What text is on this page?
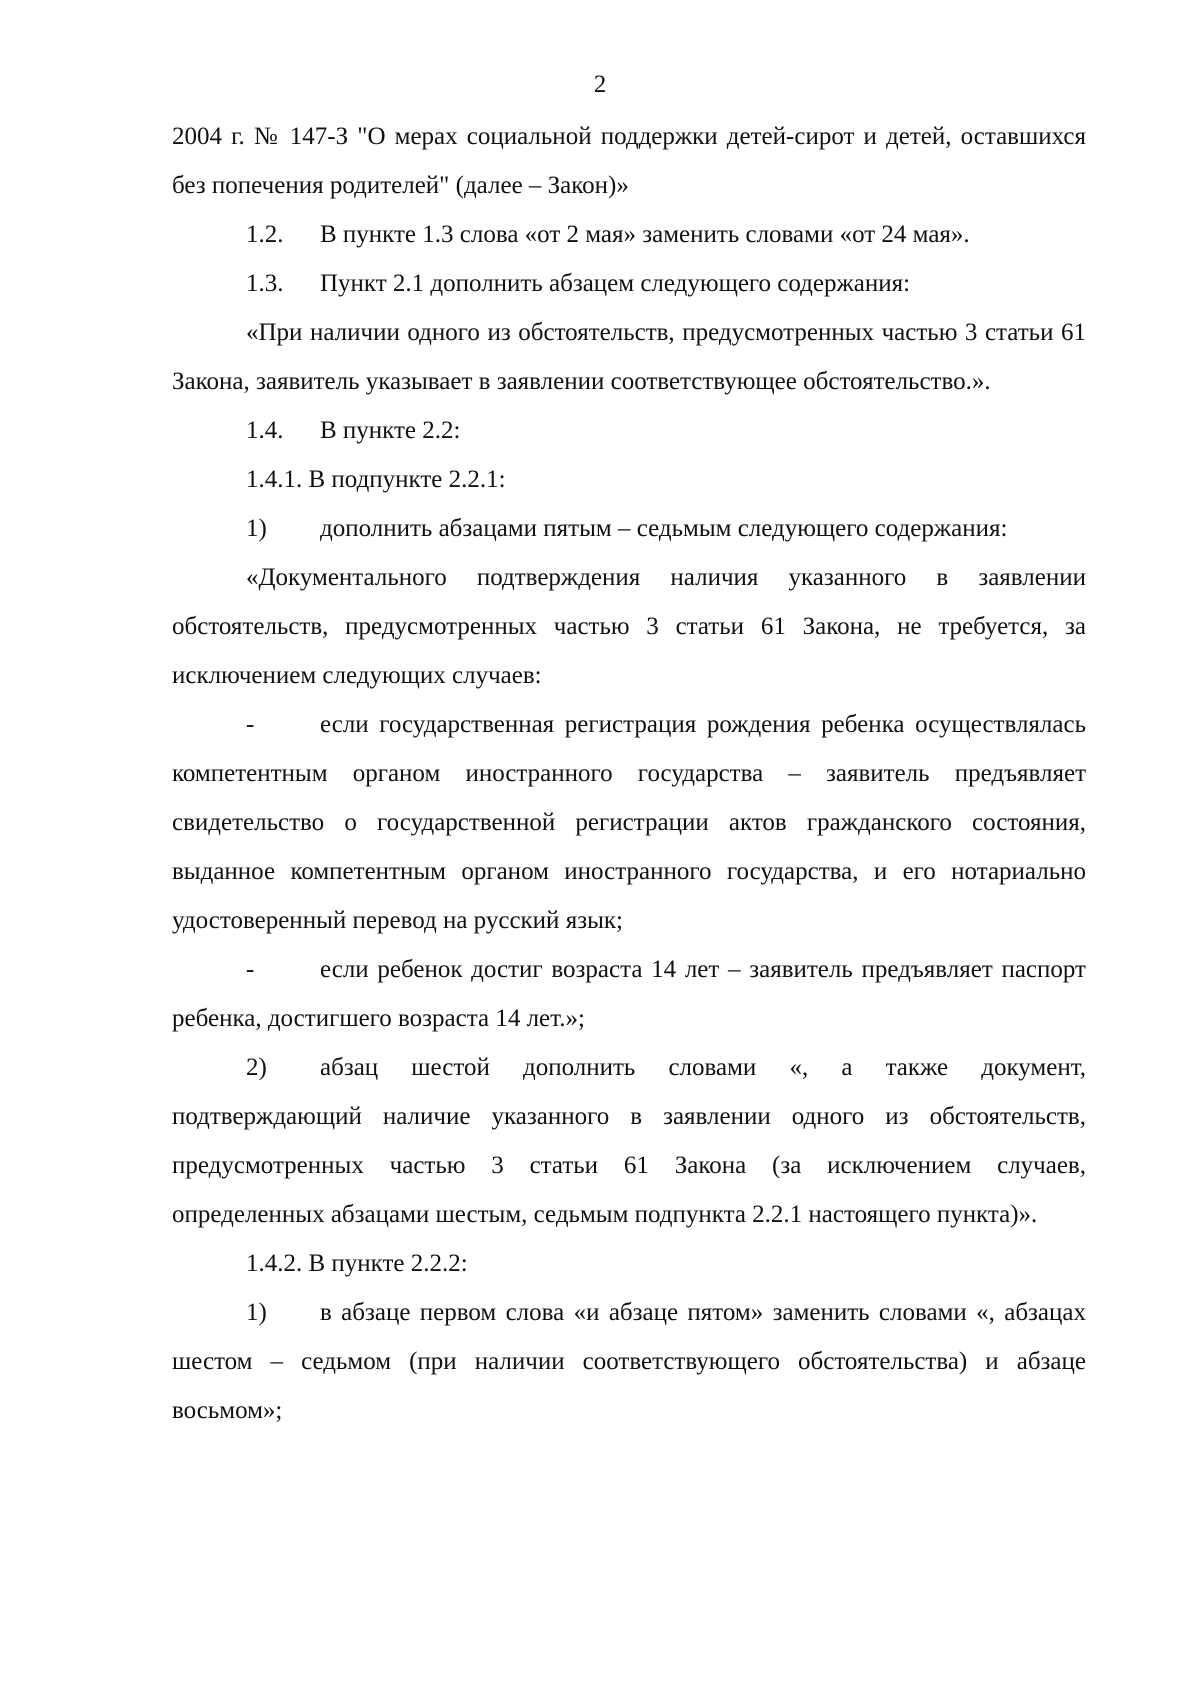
2

2004 г. № 147-З "О мерах социальной поддержки детей-сирот и детей, оставшихся без попечения родителей" (далее – Закон)»

1.2. В пункте 1.3 слова «от 2 мая» заменить словами «от 24 мая».

1.3. Пункт 2.1 дополнить абзацем следующего содержания:

«При наличии одного из обстоятельств, предусмотренных частью 3 статьи 61 Закона, заявитель указывает в заявлении соответствующее обстоятельство.».

1.4. В пункте 2.2:

1.4.1. В подпункте 2.2.1:

1) дополнить абзацами пятым – седьмым следующего содержания:

«Документального подтверждения наличия указанного в заявлении обстоятельств, предусмотренных частью 3 статьи 61 Закона, не требуется, за исключением следующих случаев:

-	если государственная регистрация рождения ребенка осуществлялась компетентным органом иностранного государства – заявитель предъявляет свидетельство о государственной регистрации актов гражданского состояния, выданное компетентным органом иностранного государства, и его нотариально удостоверенный перевод на русский язык;

-	если ребенок достиг возраста 14 лет – заявитель предъявляет паспорт ребенка, достигшего возраста 14 лет.»;

2) абзац шестой дополнить словами «, а также документ, подтверждающий наличие указанного в заявлении одного из обстоятельств, предусмотренных частью 3 статьи 61 Закона (за исключением случаев, определенных абзацами шестым, седьмым подпункта 2.2.1 настоящего пункта)».

1.4.2. В пункте 2.2.2:

1) в абзаце первом слова «и абзаце пятом» заменить словами «, абзацах шестом – седьмом (при наличии соответствующего обстоятельства) и абзаце восьмом»;
